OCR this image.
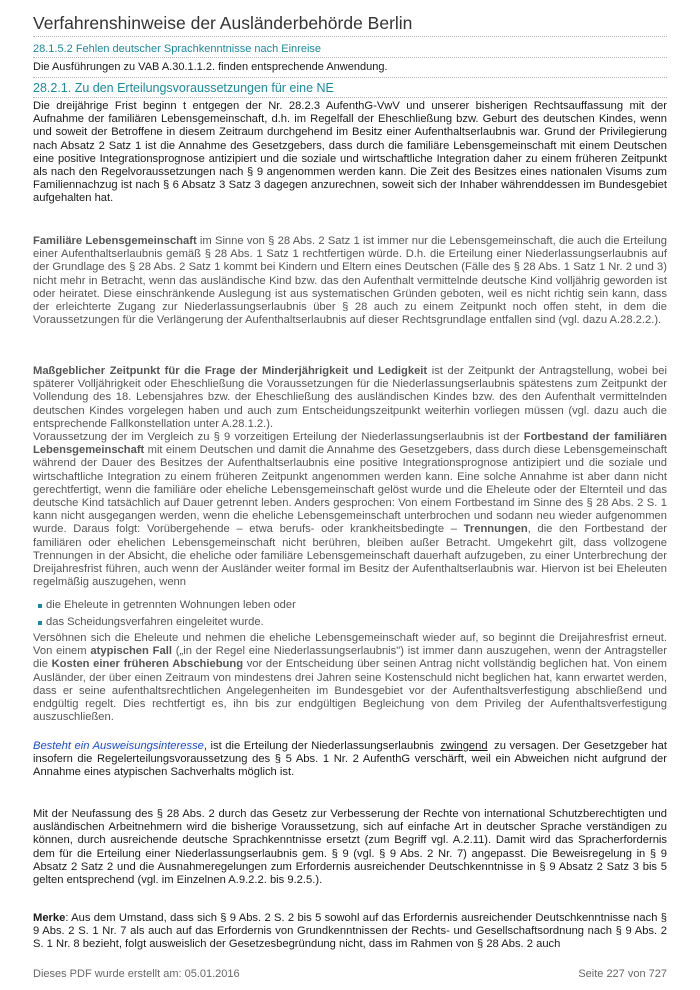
Verfahrenshinweise der Ausländerbehörde Berlin
28.1.5.2 Fehlen deutscher Sprachkenntnisse nach Einreise
Die Ausführungen zu VAB A.30.1.1.2. finden entsprechende Anwendung.
28.2.1. Zu den Erteilungsvoraussetzungen für eine NE

Die dreijährige Frist beginn t entgegen der Nr. 28.2.3 AufenthG-VwV und unserer bisherigen Rechtsauffassung mit der Aufnahme der familiären Lebensgemeinschaft, d.h. im Regelfall der Eheschließung bzw. Geburt des deutschen Kindes, wenn und soweit der Betroffene in diesem Zeitraum durchgehend im Besitz einer Aufenthaltserlaubnis war. Grund der Privilegierung nach Absatz 2 Satz 1 ist die Annahme des Gesetzgebers, dass durch die familiäre Lebensgemeinschaft mit einem Deutschen eine positive Integrationsprognose antizipiert und die soziale und wirtschaftliche Integration daher zu einem früheren Zeitpunkt als nach den Regelvoraussetzungen nach § 9 angenommen werden kann. Die Zeit des Besitzes eines nationalen Visums zum Familiennachzug ist nach § 6 Absatz 3 Satz 3 dagegen anzurechnen, soweit sich der Inhaber währenddessen im Bundesgebiet aufgehalten hat.

Familiäre Lebensgemeinschaft im Sinne von § 28 Abs. 2 Satz 1 ist immer nur die Lebensgemeinschaft, die auch die Erteilung einer Aufenthaltserlaubnis gemäß § 28 Abs. 1 Satz 1 rechtfertigen würde. D.h. die Erteilung einer Niederlassungserlaubnis auf der Grundlage des § 28 Abs. 2 Satz 1 kommt bei Kindern und Eltern eines Deutschen (Fälle des § 28 Abs. 1 Satz 1 Nr. 2 und 3) nicht mehr in Betracht, wenn das ausländische Kind bzw. das den Aufenthalt vermittelnde deutsche Kind volljährig geworden ist oder heiratet. Diese einschränkende Auslegung ist aus systematischen Gründen geboten, weil es nicht richtig sein kann, dass der erleichterte Zugang zur Niederlassungserlaubnis über § 28 auch zu einem Zeitpunkt noch offen steht, in dem die Voraussetzungen für die Verlängerung der Aufenthaltserlaubnis auf dieser Rechtsgrundlage entfallen sind (vgl. dazu A.28.2.2.).

Maßgeblicher Zeitpunkt für die Frage der Minderjährigkeit und Ledigkeit ist der Zeitpunkt der Antragstellung, wobei bei späterer Volljährigkeit oder Eheschließung die Voraussetzungen für die Niederlassungserlaubnis spätestens zum Zeitpunkt der Vollendung des 18. Lebensjahres bzw. der Eheschließung des ausländischen Kindes bzw. des den Aufenthalt vermittelnden deutschen Kindes vorgelegen haben und auch zum Entscheidungszeitpunkt weiterhin vorliegen müssen (vgl. dazu auch die entsprechende Fallkonstellation unter A.28.1.2.).

Voraussetzung der im Vergleich zu § 9 vorzeitigen Erteilung der Niederlassungserlaubnis ist der Fortbestand der familiären Lebensgemeinschaft mit einem Deutschen und damit die Annahme des Gesetzgebers, dass durch diese Lebensgemeinschaft während der Dauer des Besitzes der Aufenthaltserlaubnis eine positive Integrationsprognose antizipiert und die soziale und wirtschaftliche Integration zu einem früheren Zeitpunkt angenommen werden kann. Eine solche Annahme ist aber dann nicht gerechtfertigt, wenn die familiäre oder eheliche Lebensgemeinschaft gelöst wurde und die Eheleute oder der Elternteil und das deutsche Kind tatsächlich auf Dauer getrennt leben. Anders gesprochen: Von einem Fortbestand im Sinne des § 28 Abs. 2 S. 1 kann nicht ausgegangen werden, wenn die eheliche Lebensgemeinschaft unterbrochen und sodann neu wieder aufgenommen wurde. Daraus folgt: Vorübergehende – etwa berufs- oder krankheitsbedingte – Trennungen, die den Fortbestand der familiären oder ehelichen Lebensgemeinschaft nicht berühren, bleiben außer Betracht. Umgekehrt gilt, dass vollzogene Trennungen in der Absicht, die eheliche oder familiäre Lebensgemeinschaft dauerhaft aufzugeben, zu einer Unterbrechung der Dreijahresfrist führen, auch wenn der Ausländer weiter formal im Besitz der Aufenthaltserlaubnis war. Hiervon ist bei Eheleuten regelmäßig auszugehen, wenn

die Eheleute in getrennten Wohnungen leben oder
das Scheidungsverfahren eingeleitet wurde.

Versöhnen sich die Eheleute und nehmen die eheliche Lebensgemeinschaft wieder auf, so beginnt die Dreijahresfrist erneut. Von einem atypischen Fall („in der Regel eine Niederlassungserlaubnis") ist immer dann auszugehen, wenn der Antragsteller die Kosten einer früheren Abschiebung vor der Entscheidung über seinen Antrag nicht vollständig beglichen hat. Von einem Ausländer, der über einen Zeitraum von mindestens drei Jahren seine Kostenschuld nicht beglichen hat, kann erwartet werden, dass er seine aufenthaltsrechtlichen Angelegenheiten im Bundesgebiet vor der Aufenthaltsverfestigung abschließend und endgültig regelt. Dies rechtfertigt es, ihn bis zur endgültigen Begleichung von dem Privileg der Aufenthaltsverfestigung auszuschließen.

Besteht ein Ausweisungsinteresse, ist die Erteilung der Niederlassungserlaubnis zwingend zu versagen. Der Gesetzgeber hat insofern die Regelerteilungsvoraussetzung des § 5 Abs. 1 Nr. 2 AufenthG verschärft, weil ein Abweichen nicht aufgrund der Annahme eines atypischen Sachverhalts möglich ist.

Mit der Neufassung des § 28 Abs. 2 durch das Gesetz zur Verbesserung der Rechte von international Schutzberechtigten und ausländischen Arbeitnehmern wird die bisherige Voraussetzung, sich auf einfache Art in deutscher Sprache verständigen zu können, durch ausreichende deutsche Sprachkenntnisse ersetzt (zum Begriff vgl. A.2.11). Damit wird das Spracherfordernis dem für die Erteilung einer Niederlassungserlaubnis gem. § 9 (vgl. § 9 Abs. 2 Nr. 7) angepasst. Die Beweisregelung in § 9 Absatz 2 Satz 2 und die Ausnahmeregelungen zum Erfordernis ausreichender Deutschkenntnisse in § 9 Absatz 2 Satz 3 bis 5 gelten entsprechend (vgl. im Einzelnen A.9.2.2. bis 9.2.5.).

Merke: Aus dem Umstand, dass sich § 9 Abs. 2 S. 2 bis 5 sowohl auf das Erfordernis ausreichender Deutschkenntnisse nach § 9 Abs. 2 S. 1 Nr. 7 als auch auf das Erfordernis von Grundkenntnissen der Rechts- und Gesellschaftsordnung nach § 9 Abs. 2 S. 1 Nr. 8 bezieht, folgt ausweislich der Gesetzesbegründung nicht, dass im Rahmen von § 28 Abs. 2 auch

Dieses PDF wurde erstellt am: 05.01.2016	Seite 227 von 727
